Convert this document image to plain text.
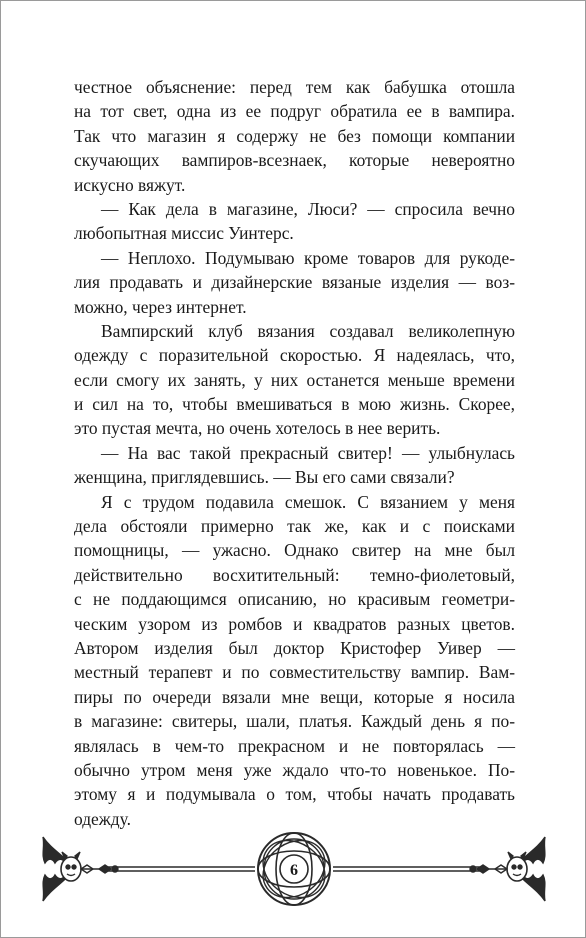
честное объяснение: перед тем как бабушка отошла
на тот свет, одна из ее подруг обратила ее в вампира.
Так что магазин я содержу не без помощи компании
скучающих вампиров-всезнаек, которые невероятно
искусно вяжут.
— Как дела в магазине, Люси? — спросила вечно
любопытная миссис Уинтерс.
— Неплохо. Подумываю кроме товаров для рукоде-
лия продавать и дизайнерские вязаные изделия — воз-
можно, через интернет.
Вампирский клуб вязания создавал великолепную
одежду с поразительной скоростью. Я надеялась, что,
если смогу их занять, у них останется меньше времени
и сил на то, чтобы вмешиваться в мою жизнь. Скорее,
это пустая мечта, но очень хотелось в нее верить.
— На вас такой прекрасный свитер! — улыбнулась
женщина, приглядевшись. — Вы его сами связали?
Я с трудом подавила смешок. С вязанием у меня
дела обстояли примерно так же, как и с поисками
помощницы, — ужасно. Однако свитер на мне был
действительно восхитительный: темно-фиолетовый,
с не поддающимся описанию, но красивым геометри-
ческим узором из ромбов и квадратов разных цветов.
Автором изделия был доктор Кристофер Уивер —
местный терапевт и по совместительству вампир. Вам-
пиры по очереди вязали мне вещи, которые я носила
в магазине: свитеры, шали, платья. Каждый день я по-
являлась в чем-то прекрасном и не повторялась —
обычно утром меня уже ждало что-то новенькое. По-
этому я и подумывала о том, чтобы начать продавать
одежду.
6
